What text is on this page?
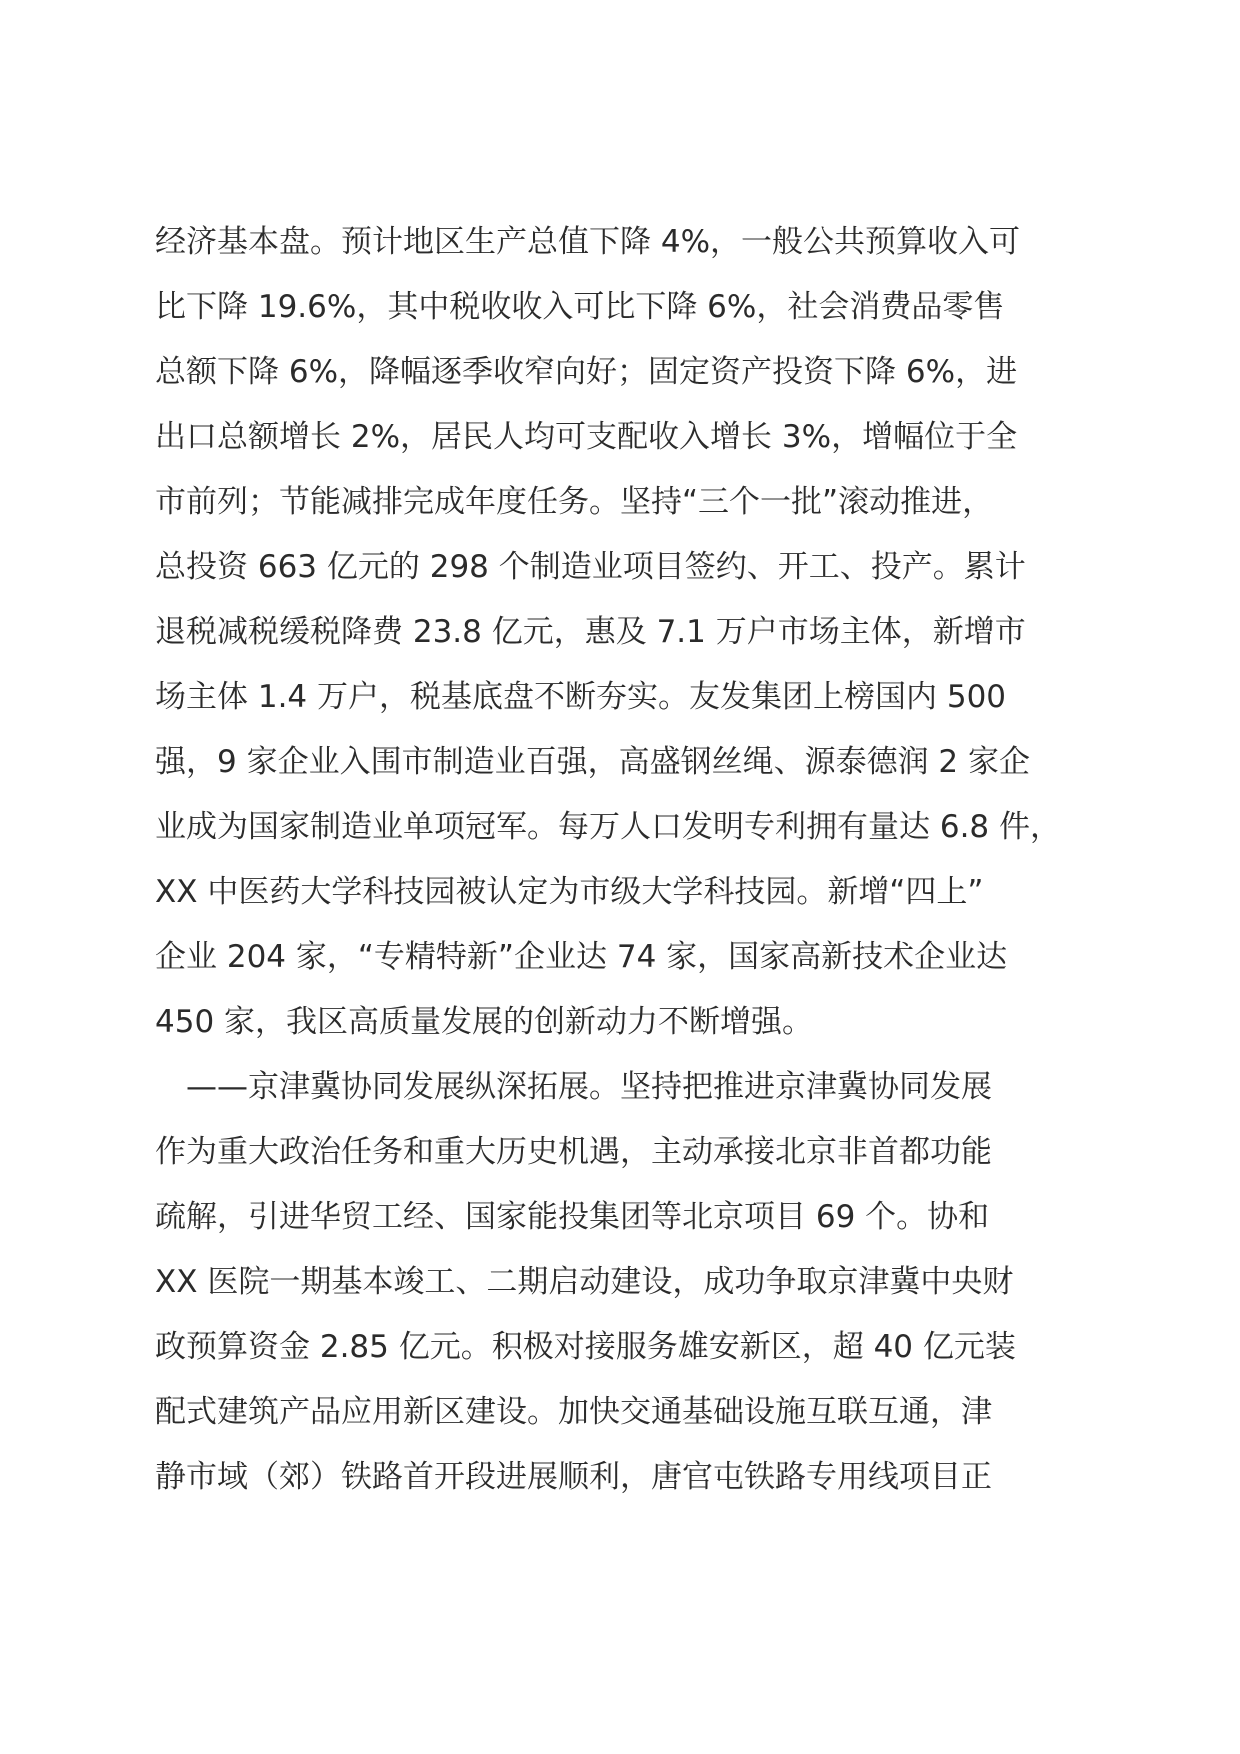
经济基本盘。预计地区生产总值下降 4%，一般公共预算收入可
比下降 19.6%，其中税收收入可比下降 6%，社会消费品零售
总额下降 6%，降幅逐季收窄向好；固定资产投资下降 6%，进
出口总额增长 2%，居民人均可支配收入增长 3%，增幅位于全
市前列；节能减排完成年度任务。坚持“三个一批”滚动推进，
总投资 663 亿元的 298 个制造业项目签约、开工、投产。累计
退税减税缓税降费 23.8 亿元，惠及 7.1 万户市场主体，新增市
场主体 1.4 万户，税基底盘不断夯实。友发集团上榜国内 500
强，9 家企业入围市制造业百强，高盛钢丝绳、源泰德润 2 家企
业成为国家制造业单项冠军。每万人口发明专利拥有量达 6.8 件，
XX 中医药大学科技园被认定为市级大学科技园。新增“四上”
企业 204 家，“专精特新”企业达 74 家，国家高新技术企业达
450 家，我区高质量发展的创新动力不断增强。
——京津冀协同发展纵深拓展。坚持把推进京津冀协同发展
作为重大政治任务和重大历史机遇，主动承接北京非首都功能
疏解，引进华贸工经、国家能投集团等北京项目 69 个。协和
XX 医院一期基本竣工、二期启动建设，成功争取京津冀中央财
政预算资金 2.85 亿元。积极对接服务雄安新区，超 40 亿元装
配式建筑产品应用新区建设。加快交通基础设施互联互通，津
静市域（郊）铁路首开段进展顺利，唐官屯铁路专用线项目正
